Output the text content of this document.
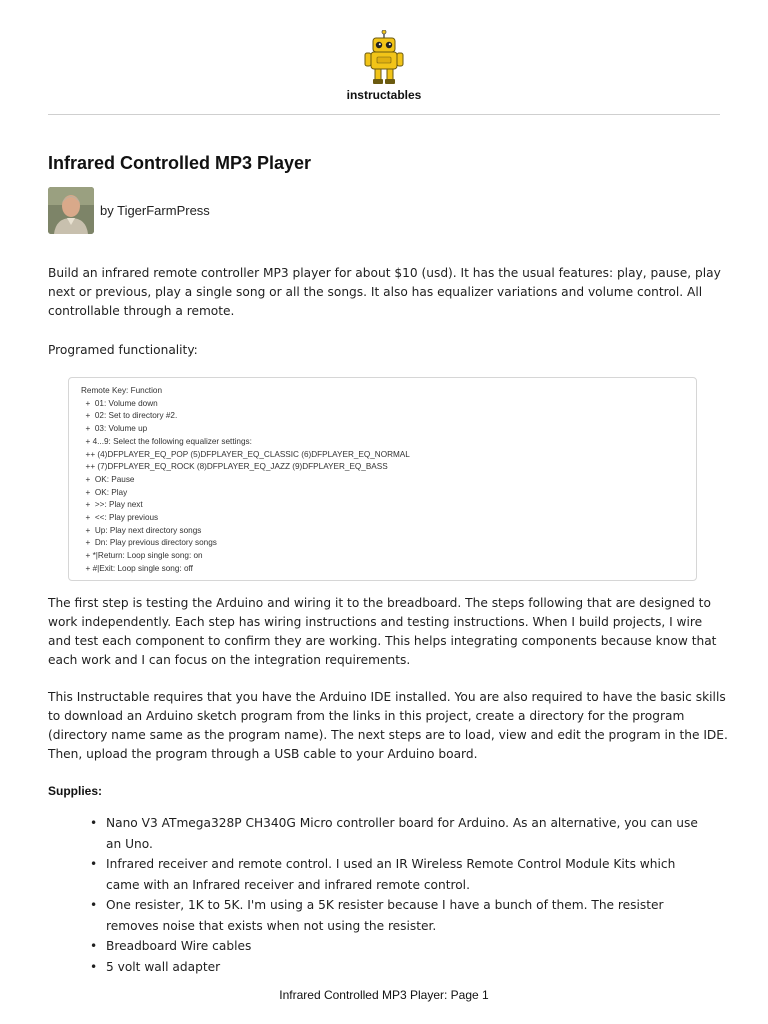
instructables
Infrared Controlled MP3 Player
by TigerFarmPress

Build an infrared remote controller MP3 player for about $10 (usd). It has the usual features: play, pause, play next or previous, play a single song or all the songs. It also has equalizer variations and volume control. All controllable through a remote.

Programed functionality:

Remote Key: Function
+  01: Volume down
+  02: Set to directory #2.
+  03: Volume up
+ 4...9: Select the following equalizer settings:
++ (4)DFPLAYER_EQ_POP (5)DFPLAYER_EQ_CLASSIC (6)DFPLAYER_EQ_NORMAL
++ (7)DFPLAYER_EQ_ROCK (8)DFPLAYER_EQ_JAZZ (9)DFPLAYER_EQ_BASS
+  OK: Pause
+  OK: Play
+  >>: Play next
+  <<: Play previous
+  Up: Play next directory songs
+  Dn: Play previous directory songs
+ *|Return: Loop single song: on
+ #|Exit: Loop single song: off

The first step is testing the Arduino and wiring it to the breadboard. The steps following that are designed to work independently. Each step has wiring instructions and testing instructions. When I build projects, I wire and test each component to confirm they are working. This helps integrating components because know that each work and I can focus on the integration requirements.

This Instructable requires that you have the Arduino IDE installed. You are also required to have the basic skills to download an Arduino sketch program from the links in this project, create a directory for the program (directory name same as the program name). The next steps are to load, view and edit the program in the IDE. Then, upload the program through a USB cable to your Arduino board.

Supplies:
• Nano V3 ATmega328P CH340G Micro controller board for Arduino. As an alternative, you can use an Uno.
• Infrared receiver and remote control. I used an IR Wireless Remote Control Module Kits which came with an Infrared receiver and infrared remote control.
• One resister, 1K to 5K. I'm using a 5K resister because I have a bunch of them. The resister removes noise that exists when not using the resister.
• Breadboard Wire cables
• 5 volt wall adapter
Infrared Controlled MP3 Player: Page 1
